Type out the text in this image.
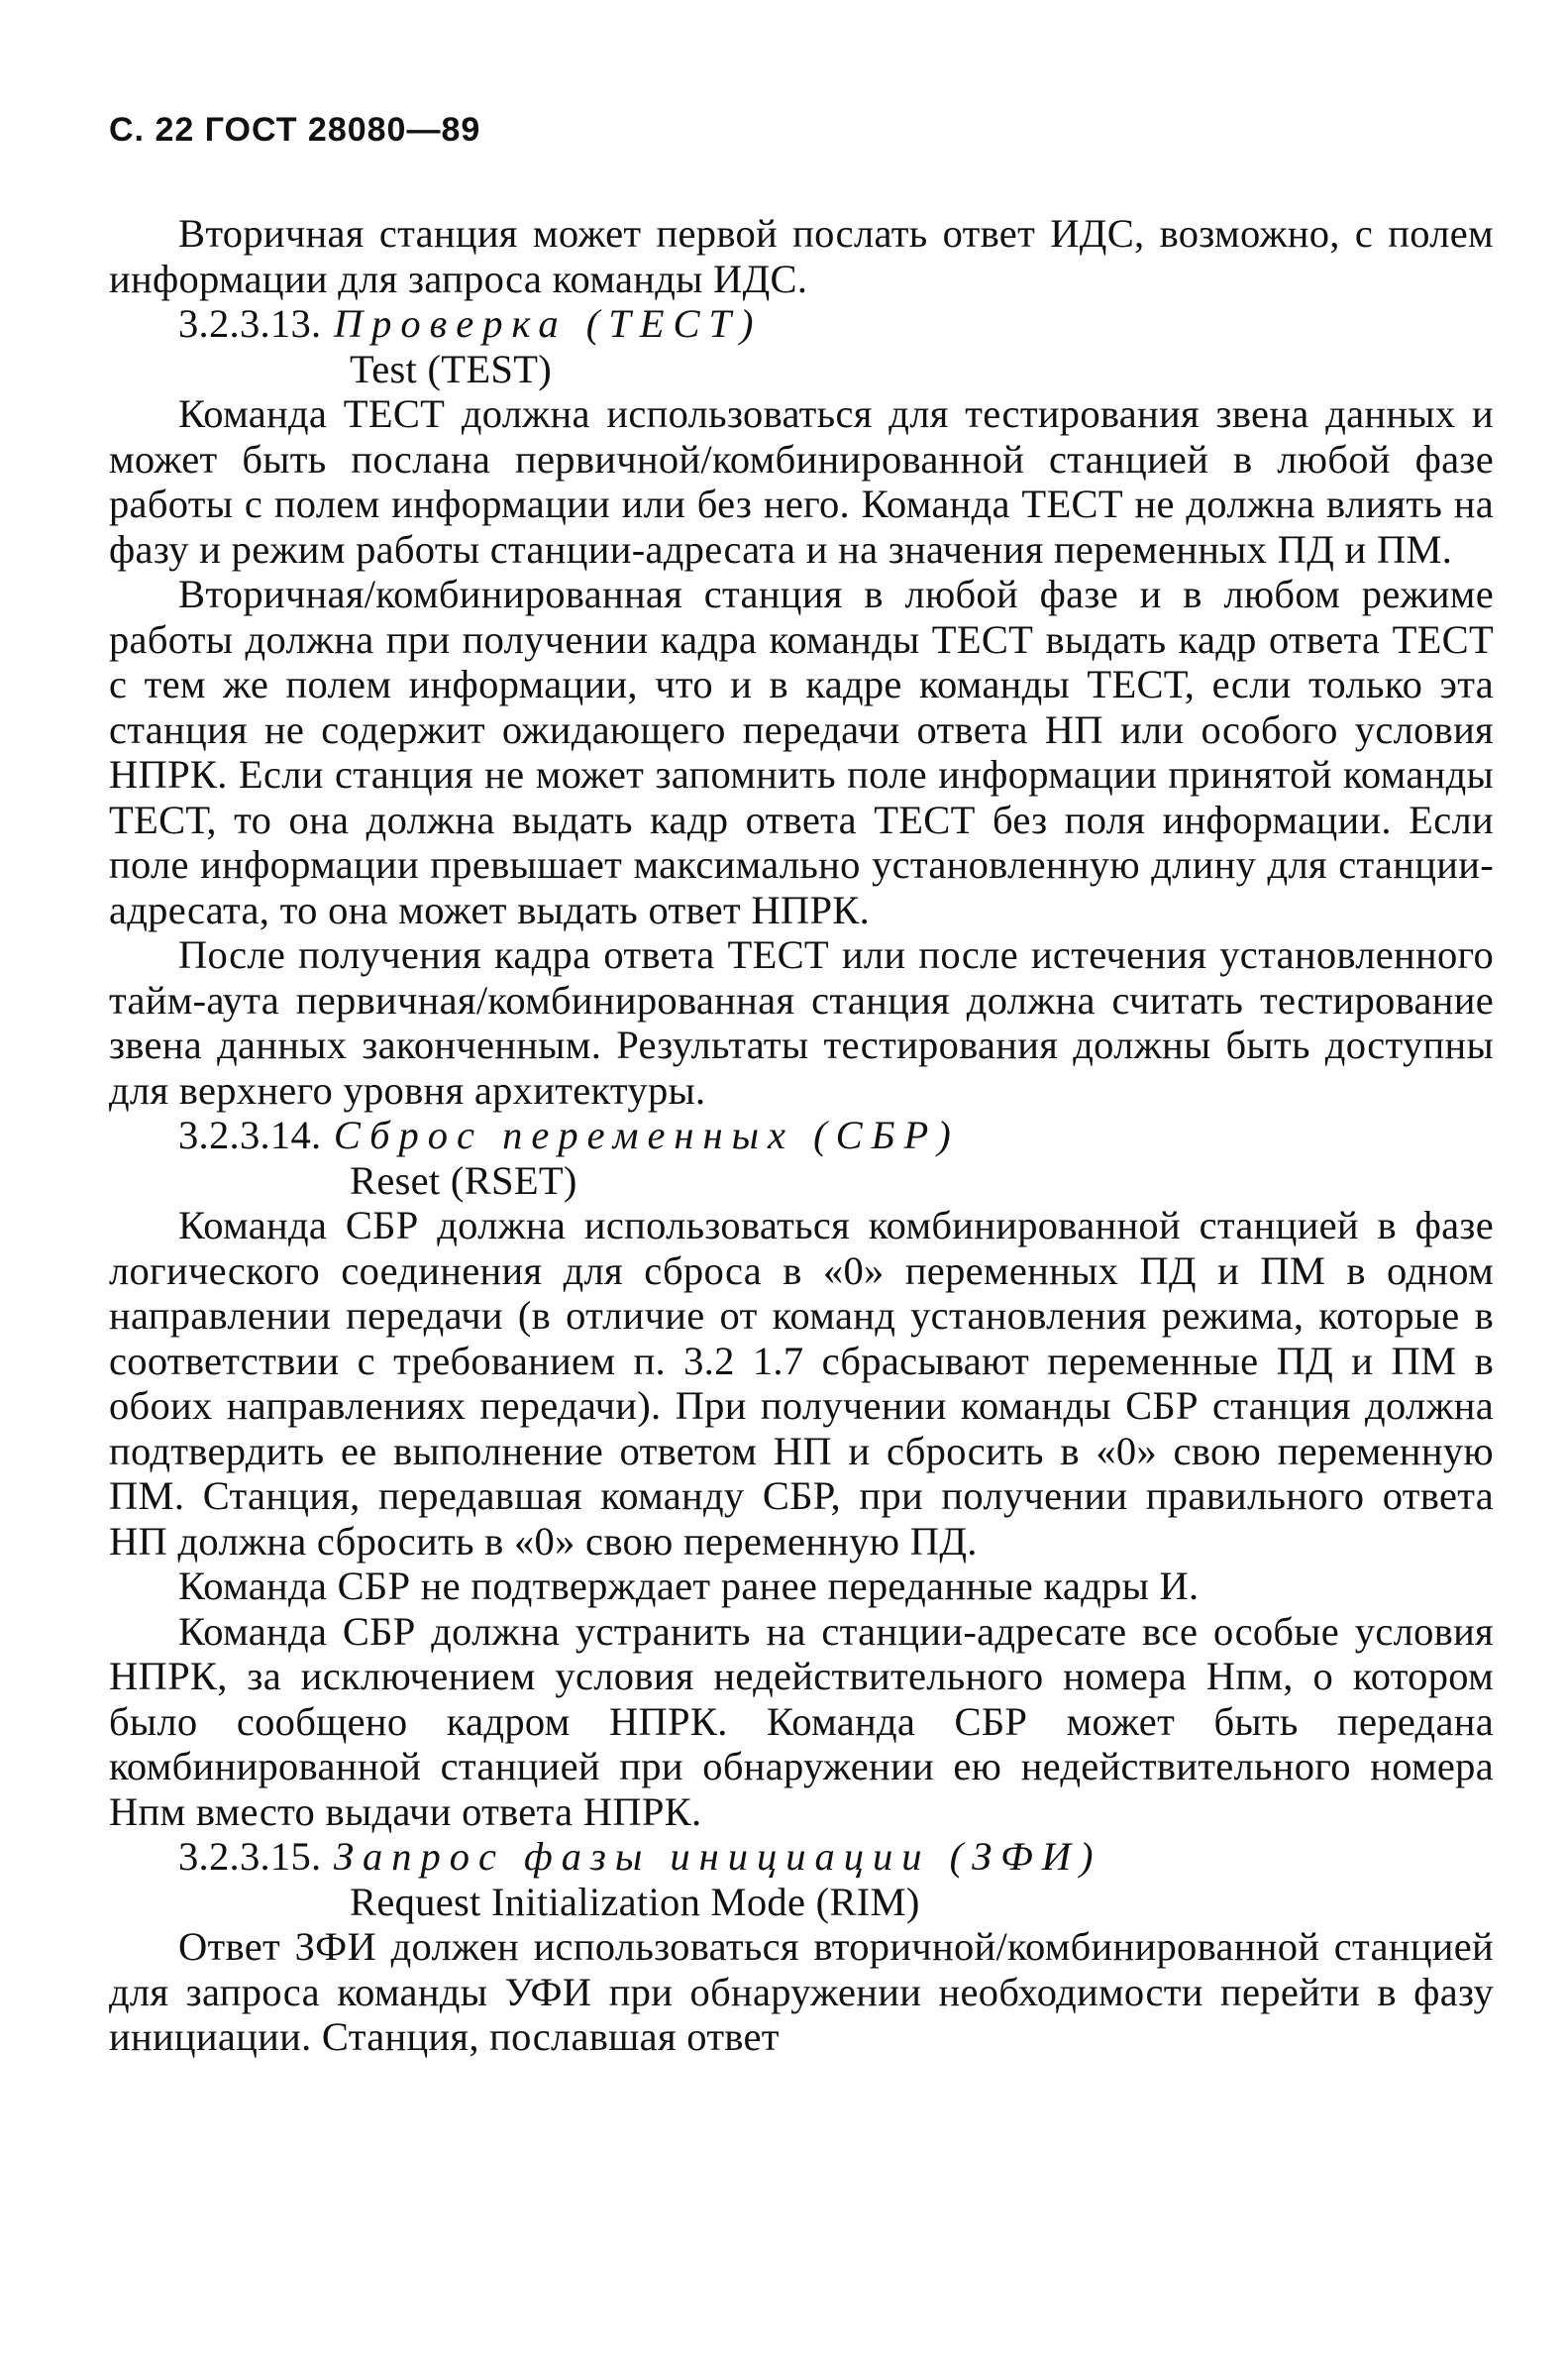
С. 22 ГОСТ 28080—89

Вторичная станция может первой послать ответ ИДС, возможно, с полем информации для запроса команды ИДС.

3.2.3.13. Проверка (ТЕСТ)
Test (TEST)

Команда ТЕСТ должна использоваться для тестирования звена данных и может быть послана первичной/комбинированной станцией в любой фазе работы с полем информации или без него. Команда ТЕСТ не должна влиять на фазу и режим работы станции-адресата и на значения переменных ПД и ПМ.

Вторичная/комбинированная станция в любой фазе и в любом режиме работы должна при получении кадра команды ТЕСТ выдать кадр ответа ТЕСТ с тем же полем информации, что и в кадре команды ТЕСТ, если только эта станция не содержит ожидающего передачи ответа НП или особого условия НПРК. Если станция не может запомнить поле информации принятой команды ТЕСТ, то она должна выдать кадр ответа ТЕСТ без поля информации. Если поле информации превышает максимально установленную длину для станции-адресата, то она может выдать ответ НПРК.

После получения кадра ответа ТЕСТ или после истечения установленного тайм-аута первичная/комбинированная станция должна считать тестирование звена данных законченным. Результаты тестирования должны быть доступны для верхнего уровня архитектуры.

3.2.3.14. Сброс переменных (СБР)
Reset (RSET)

Команда СБР должна использоваться комбинированной станцией в фазе логического соединения для сброса в «0» переменных ПД и ПМ в одном направлении передачи (в отличие от команд установления режима, которые в соответствии с требованием п. 3.2 1.7 сбрасывают переменные ПД и ПМ в обоих направлениях передачи). При получении команды СБР станция должна подтвердить ее выполнение ответом НП и сбросить в «0» свою переменную ПМ. Станция, передавшая команду СБР, при получении правильного ответа НП должна сбросить в «0» свою переменную ПД.

Команда СБР не подтверждает ранее переданные кадры И.

Команда СБР должна устранить на станции-адресате все особые условия НПРК, за исключением условия недействительного номера Нпм, о котором было сообщено кадром НПРК. Команда СБР может быть передана комбинированной станцией при обнаружении ею недействительного номера Нпм вместо выдачи ответа НПРК.

3.2.3.15. Запрос фазы инициации (ЗФИ)
Request Initialization Mode (RIM)

Ответ ЗФИ должен использоваться вторичной/комбинированной станцией для запроса команды УФИ при обнаружении необходимости перейти в фазу инициации. Станция, пославшая ответ
